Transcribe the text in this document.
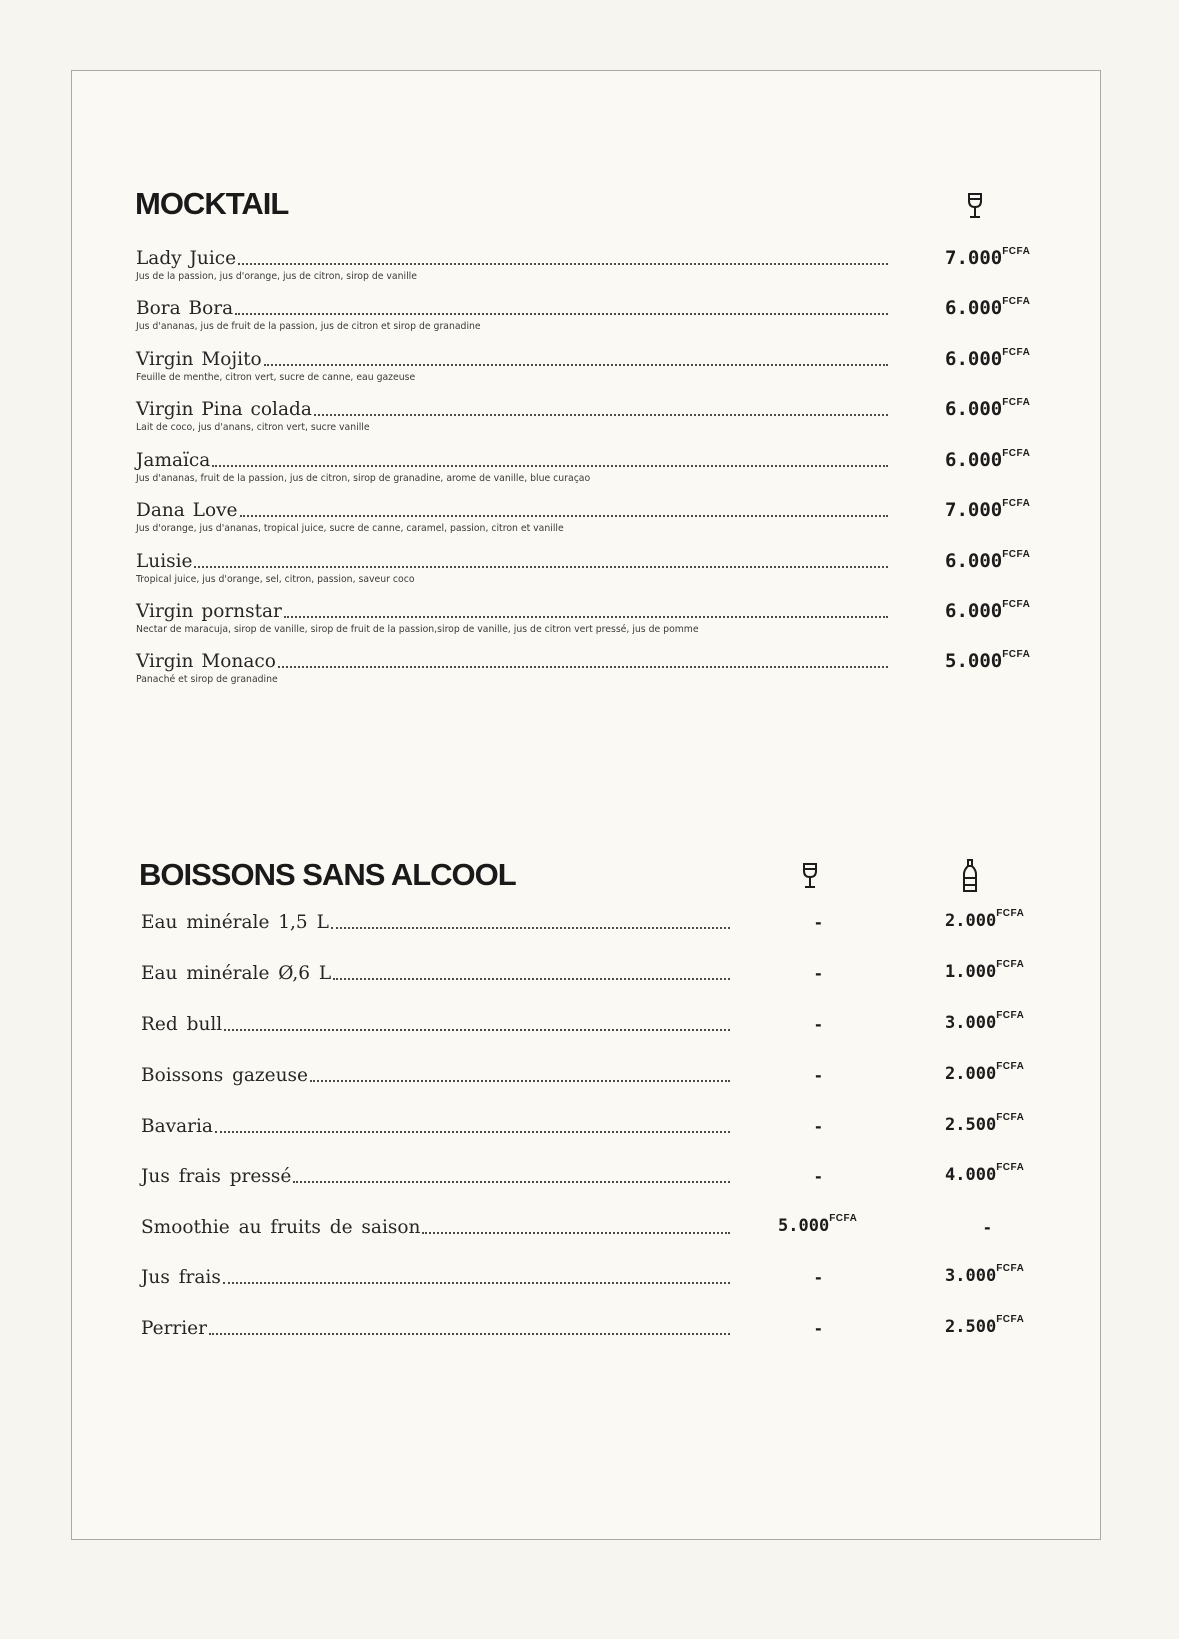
MOCKTAIL
Lady Juice
Jus de la passion, jus d'orange, jus de citron, sirop de vanille
$7.000^{FCFA}$
Bora Bora
Jus d'ananas, jus de fruit de la passion, jus de citron et sirop de granadine
$6.000^{FCFA}$
Virgin Mojito
Feuille de menthe, citron vert, sucre de canne, eau gazeuse
$6.000^{FCFA}$
Virgin Pina colada
Lait de coco, jus d'anans, citron vert, sucre vanille
$6.000^{FCFA}$
Jamaïca
Jus d'ananas, fruit de la passion, jus de citron, sirop de granadine, arome de vanille, blue curaçao
$6.000^{FCFA}$
Dana Love
Jus d'orange, jus d'ananas, tropical juice, sucre de canne, caramel, passion, citron et vanille
$7.000^{FCFA}$
Luisie
Tropical juice, jus d'orange, sel, citron, passion, saveur coco
$6.000^{FCFA}$
Virgin pornstar
Nectar de maracuja, sirop de vanille, sirop de fruit de la passion,sirop de vanille, jus de citron vert pressé, jus de pomme
$6.000^{FCFA}$
Virgin Monaco
Panaché et sirop de granadine
$5.000^{FCFA}$
BOISSONS SANS ALCOOL
Eau minérale 1,5 L	-	$2.000^{FCFA}$
Eau minérale Ø,6 L	-	$1.000^{FCFA}$
Red bull	-	$3.000^{FCFA}$
Boissons gazeuse	-	$2.000^{FCFA}$
Bavaria	-	$2.500^{FCFA}$
Jus frais pressé	-	$4.000^{FCFA}$
Smoothie au fruits de saison	$5.000^{FCFA}$	-
Jus frais	-	$3.000^{FCFA}$
Perrier	-	$2.500^{FCFA}$
